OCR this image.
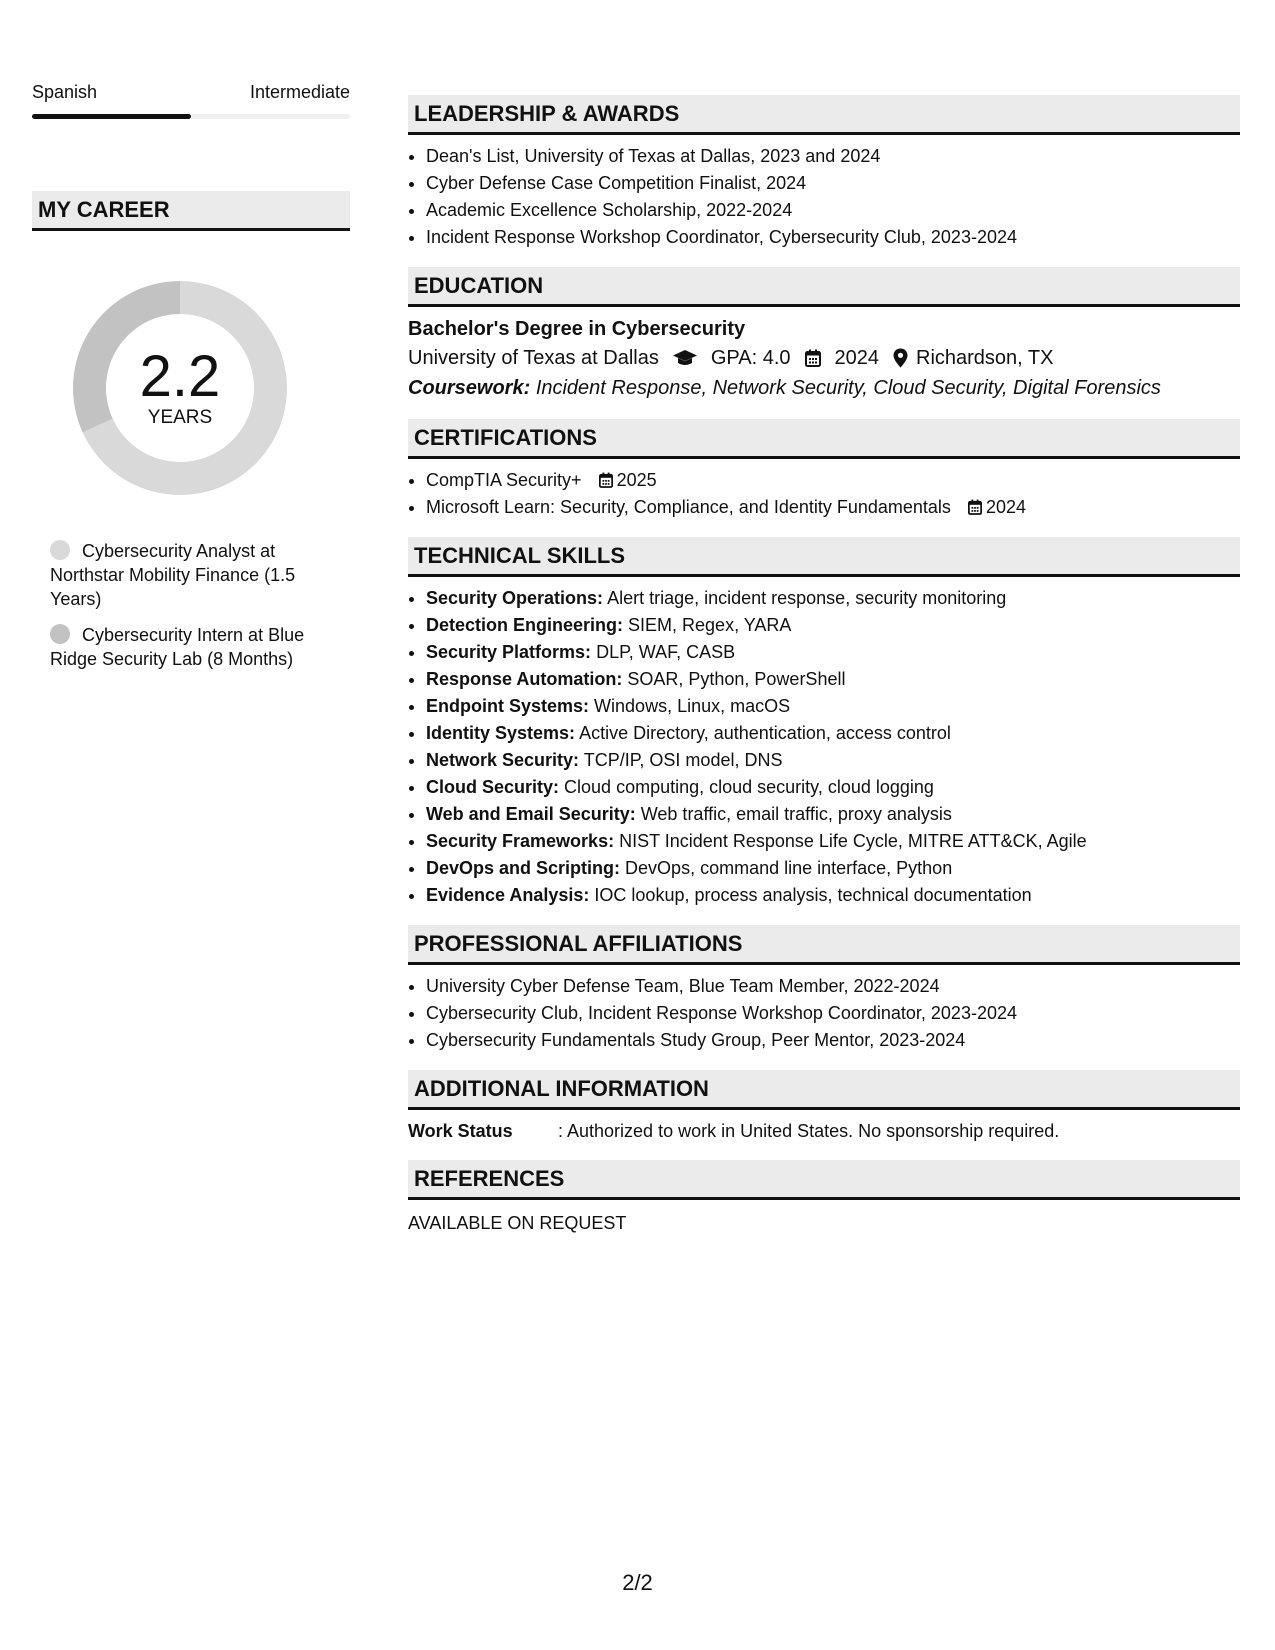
Spanish	Intermediate
MY CAREER
2.2
YEARS
Cybersecurity Analyst at Northstar Mobility Finance (1.5 Years)
Cybersecurity Intern at Blue Ridge Security Lab (8 Months)
LEADERSHIP & AWARDS
• Dean's List, University of Texas at Dallas, 2023 and 2024
• Cyber Defense Case Competition Finalist, 2024
• Academic Excellence Scholarship, 2022-2024
• Incident Response Workshop Coordinator, Cybersecurity Club, 2023-2024
EDUCATION
Bachelor's Degree in Cybersecurity
University of Texas at Dallas	GPA: 4.0 2024 Richardson, TX
Coursework: Incident Response, Network Security, Cloud Security, Digital Forensics
CERTIFICATIONS
• CompTIA Security+ 2025
• Microsoft Learn: Security, Compliance, and Identity Fundamentals 2024
TECHNICAL SKILLS
• Security Operations: Alert triage, incident response, security monitoring
• Detection Engineering: SIEM, Regex, YARA
• Security Platforms: DLP, WAF, CASB
• Response Automation: SOAR, Python, PowerShell
• Endpoint Systems: Windows, Linux, macOS
• Identity Systems: Active Directory, authentication, access control
• Network Security: TCP/IP, OSI model, DNS
• Cloud Security: Cloud computing, cloud security, cloud logging
• Web and Email Security: Web traffic, email traffic, proxy analysis
• Security Frameworks: NIST Incident Response Life Cycle, MITRE ATT&CK, Agile
• DevOps and Scripting: DevOps, command line interface, Python
• Evidence Analysis: IOC lookup, process analysis, technical documentation
PROFESSIONAL AFFILIATIONS
• University Cyber Defense Team, Blue Team Member, 2022-2024
• Cybersecurity Club, Incident Response Workshop Coordinator, 2023-2024
• Cybersecurity Fundamentals Study Group, Peer Mentor, 2023-2024
ADDITIONAL INFORMATION
Work Status	: Authorized to work in United States. No sponsorship required.
REFERENCES
AVAILABLE ON REQUEST
2/2
